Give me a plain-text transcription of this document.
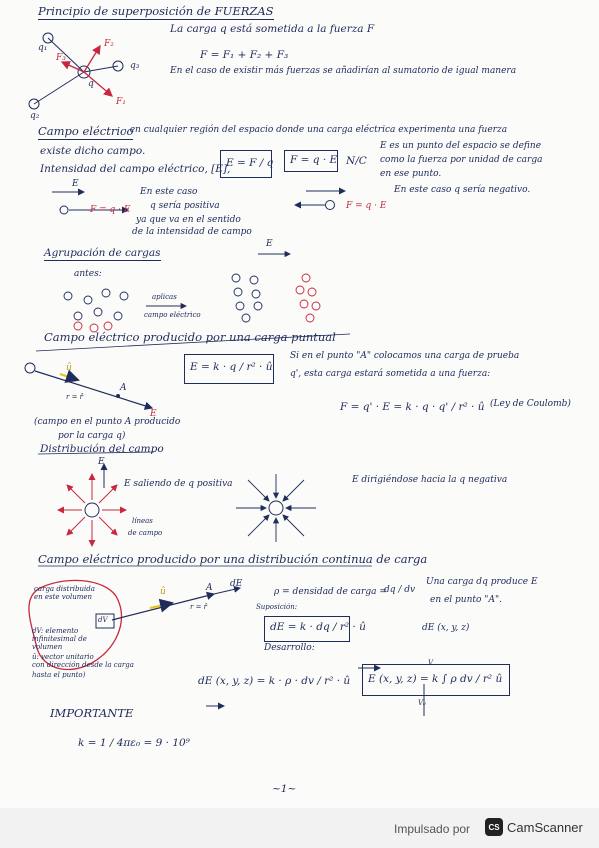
Principio de superposición de FUERZAS
q₁
q₃
q₂
q
F₂
F₁
F₃
La carga q está sometida a la fuerza F
F = F₁ + F₂ + F₃
En el caso de existir más fuerzas se añadirían al sumatorio de igual manera
Campo eléctrico
, en cualquier región del espacio donde una carga eléctrica experimenta una fuerza
existe dicho campo.
Intensidad del campo eléctrico, [E],
E = F / q F = q · E N/C
E es un punto del espacio se define
como la fuerza por unidad de carga
en ese punto.
E
F = q · E
En este caso
q sería positiva
ya que va en el sentido
de la intensidad de campo
En este caso q sería negativo.
F = q · E
Agrupación de cargas
E
antes:
aplicas
campo eléctrico
Campo eléctrico producido por una carga puntual
A
r = r̂
û
E
E = k · q / r² · û
Si en el punto "A" colocamos una carga de prueba
q', esta carga estará sometida a una fuerza:
F = q' · E = k · q · q' / r² · û (Ley de Coulomb)
(campo en el punto A producido
por la carga q)
Distribución del campo
E
E saliendo de q positiva	E dirigiéndose hacia la q negativa
líneas
de campo
Campo eléctrico producido por una distribución continua de carga
carga distribuida
en este volumen
dV
A dE
û
r = r̂
ρ = densidad de carga =
dq / dv
Una carga dq produce E
en el punto "A".
Suposición:
dE = k · dq / r² · û	dE (x, y, z)
dV: elemento
infinitesimal de
volumen
û: vector unitario
con dirección desde la carga
hasta el punto)
Desarrollo:
dE (x, y, z) = k · ρ · dv / r² · û E (x, y, z) = k ∫ ρ dv / r² û
V
V₀
IMPORTANTE
k = 1 / 4πε₀ = 9 · 10⁹
~1~
Impulsado por	CS CamScanner
